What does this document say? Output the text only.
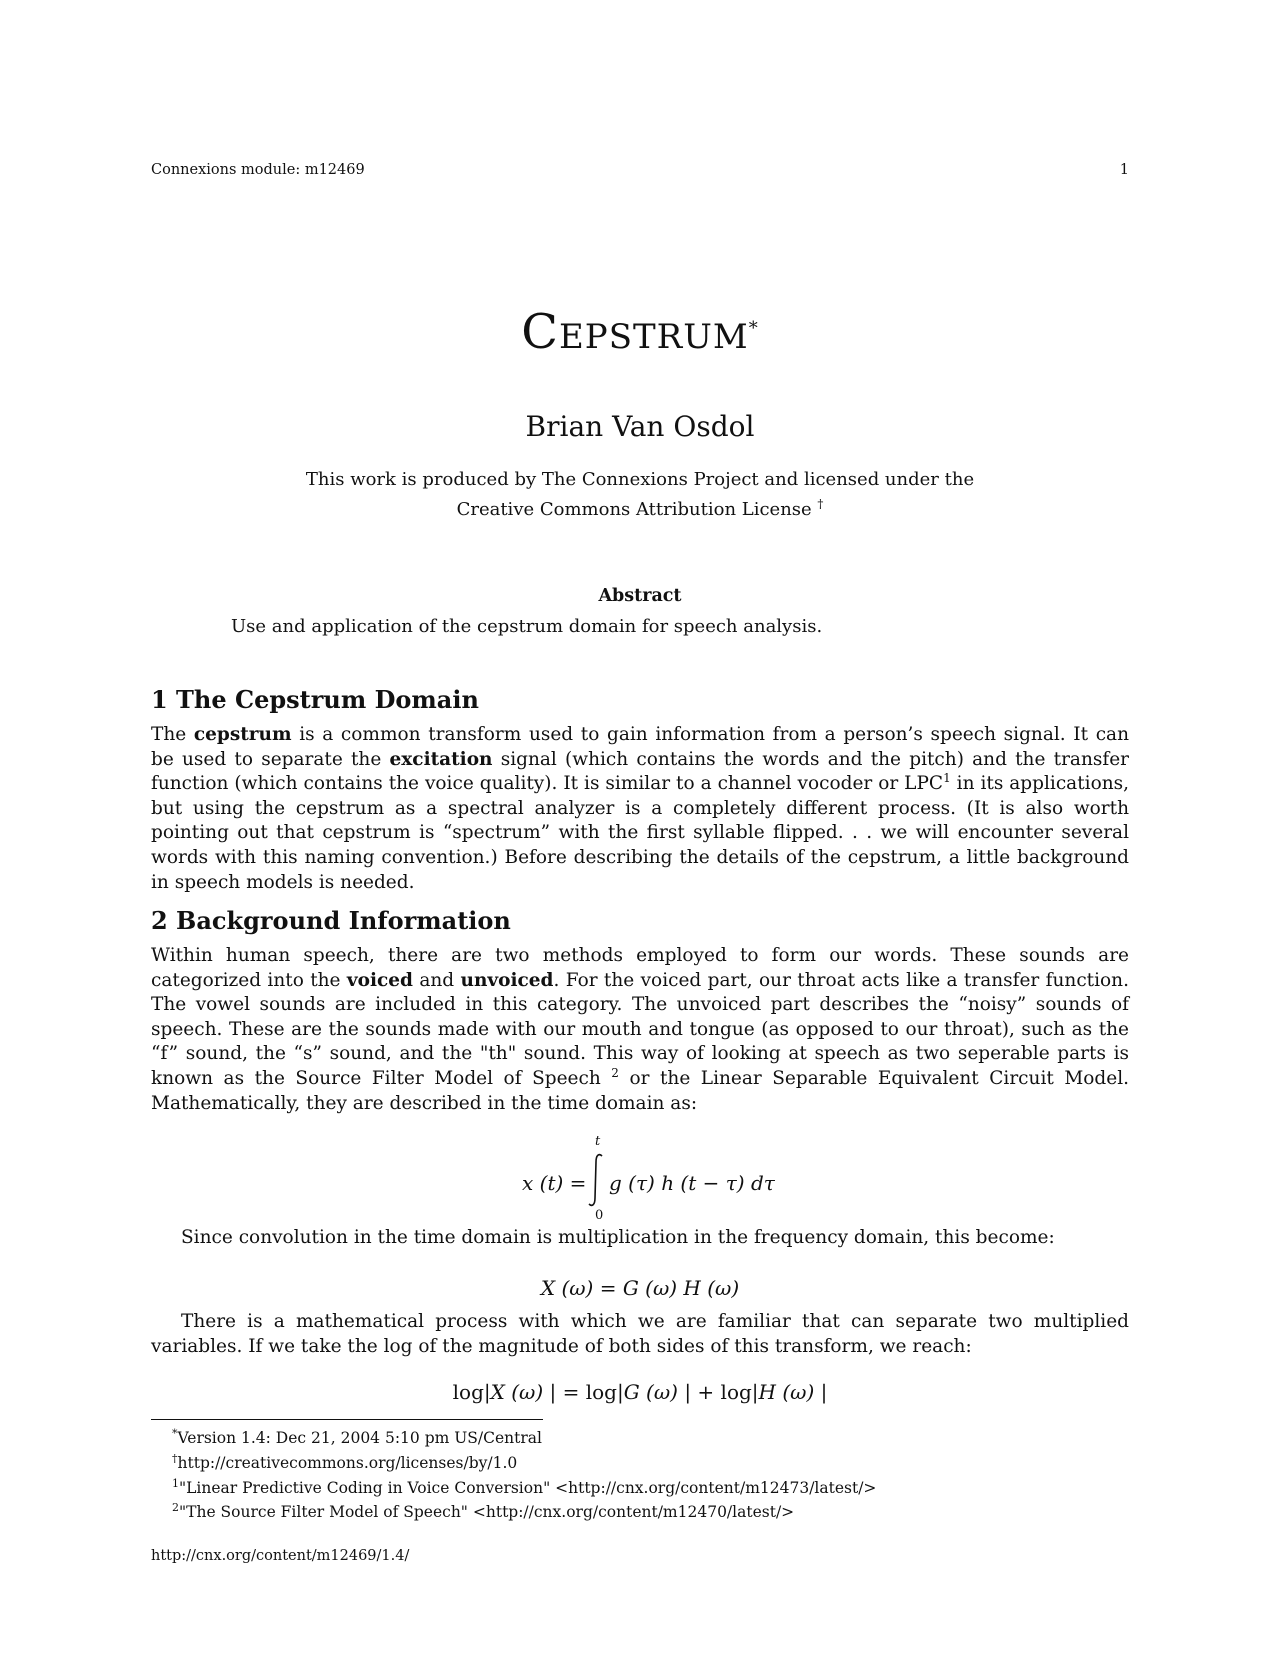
Connexions module: m12469	1
Cepstrum*
Brian Van Osdol
This work is produced by The Connexions Project and licensed under the
Creative Commons Attribution License †
Abstract
Use and application of the cepstrum domain for speech analysis.
1 The Cepstrum Domain

The cepstrum is a common transform used to gain information from a person’s speech signal. It can be used to separate the excitation signal (which contains the words and the pitch) and the transfer function (which contains the voice quality). It is similar to a channel vocoder or LPC$^1$ in its applications, but using the cepstrum as a spectral analyzer is a completely different process. (It is also worth pointing out that cepstrum is “spectrum” with the first syllable flipped. . . we will encounter several words with this naming convention.) Before describing the details of the cepstrum, a little background in speech models is needed.

2 Background Information

Within human speech, there are two methods employed to form our words. These sounds are categorized into the voiced and unvoiced. For the voiced part, our throat acts like a transfer function. The vowel sounds are included in this category. The unvoiced part describes the “noisy” sounds of speech. These are the sounds made with our mouth and tongue (as opposed to our throat), such as the “f” sound, the “s” sound, and the "th" sound. This way of looking at speech as two seperable parts is known as the Source Filter Model of Speech $^2$ or the Linear Separable Equivalent Circuit Model. Mathematically, they are described in the time domain as:

x (t) =
t
0
g (τ) h (t − τ) dτ

Since convolution in the time domain is multiplication in the frequency domain, this become:

X (ω) = G (ω) H (ω)

There is a mathematical process with which we are familiar that can separate two multiplied variables. If we take the log of the magnitude of both sides of this transform, we reach:

log|X (ω) | = log|G (ω) | + log|H (ω) |
*Version 1.4: Dec 21, 2004 5:10 pm US/Central
†http://creativecommons.org/licenses/by/1.0
$^1$"Linear Predictive Coding in Voice Conversion" <http://cnx.org/content/m12473/latest/>
$^2$"The Source Filter Model of Speech" <http://cnx.org/content/m12470/latest/>
http://cnx.org/content/m12469/1.4/
